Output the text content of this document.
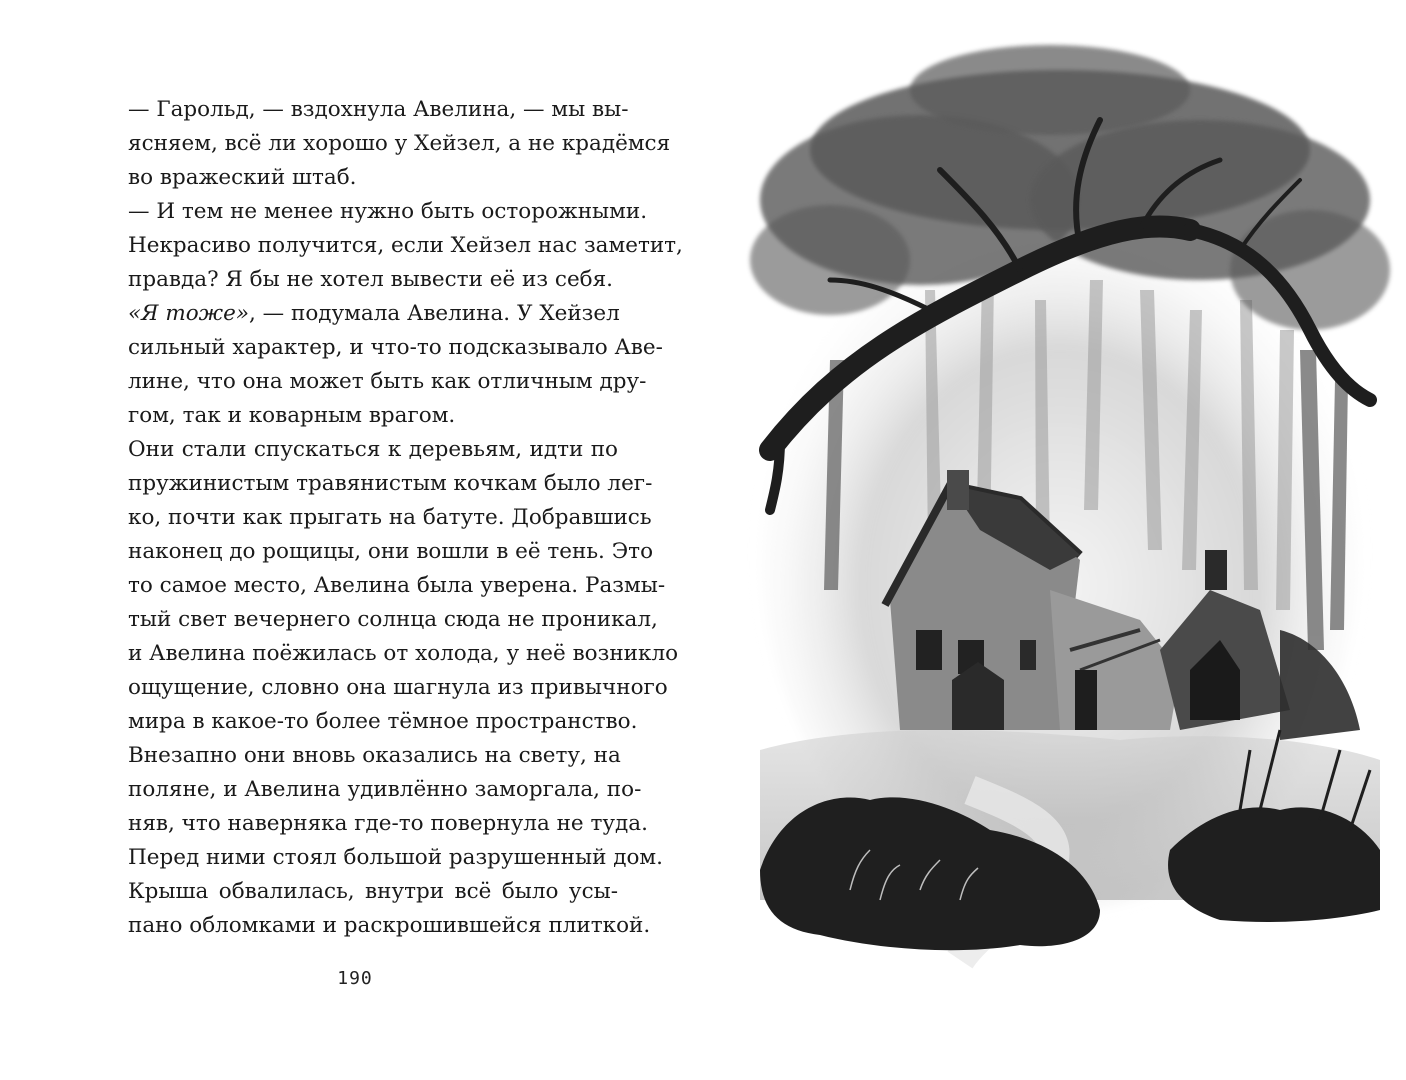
— Гарольд, — вздохнула Авелина, — мы вы-
ясняем, всё ли хорошо у Хейзел, а не крадёмся
во вражеский штаб.

— И тем не менее нужно быть осторожными.
Некрасиво получится, если Хейзел нас заметит,
правда? Я бы не хотел вывести её из себя.

«Я тоже», — подумала Авелина. У Хейзел
сильный характер, и что-то подсказывало Аве-
лине, что она может быть как отличным дру-
гом, так и коварным врагом.

Они стали спускаться к деревьям, идти по
пружинистым травянистым кочкам было лег-
ко, почти как прыгать на батуте. Добравшись
наконец до рощицы, они вошли в её тень. Это
то самое место, Авелина была уверена. Размы-
тый свет вечернего солнца сюда не проникал,
и Авелина поёжилась от холода, у неё возникло
ощущение, словно она шагнула из привычного
мира в какое-то более тёмное пространство.

Внезапно они вновь оказались на свету, на
поляне, и Авелина удивлённо заморгала, по-
няв, что наверняка где-то повернула не туда.

Перед ними стоял большой разрушенный дом.

Крыша обвалилась, внутри всё было усы-
пано обломками и раскрошившейся плиткой.

190
